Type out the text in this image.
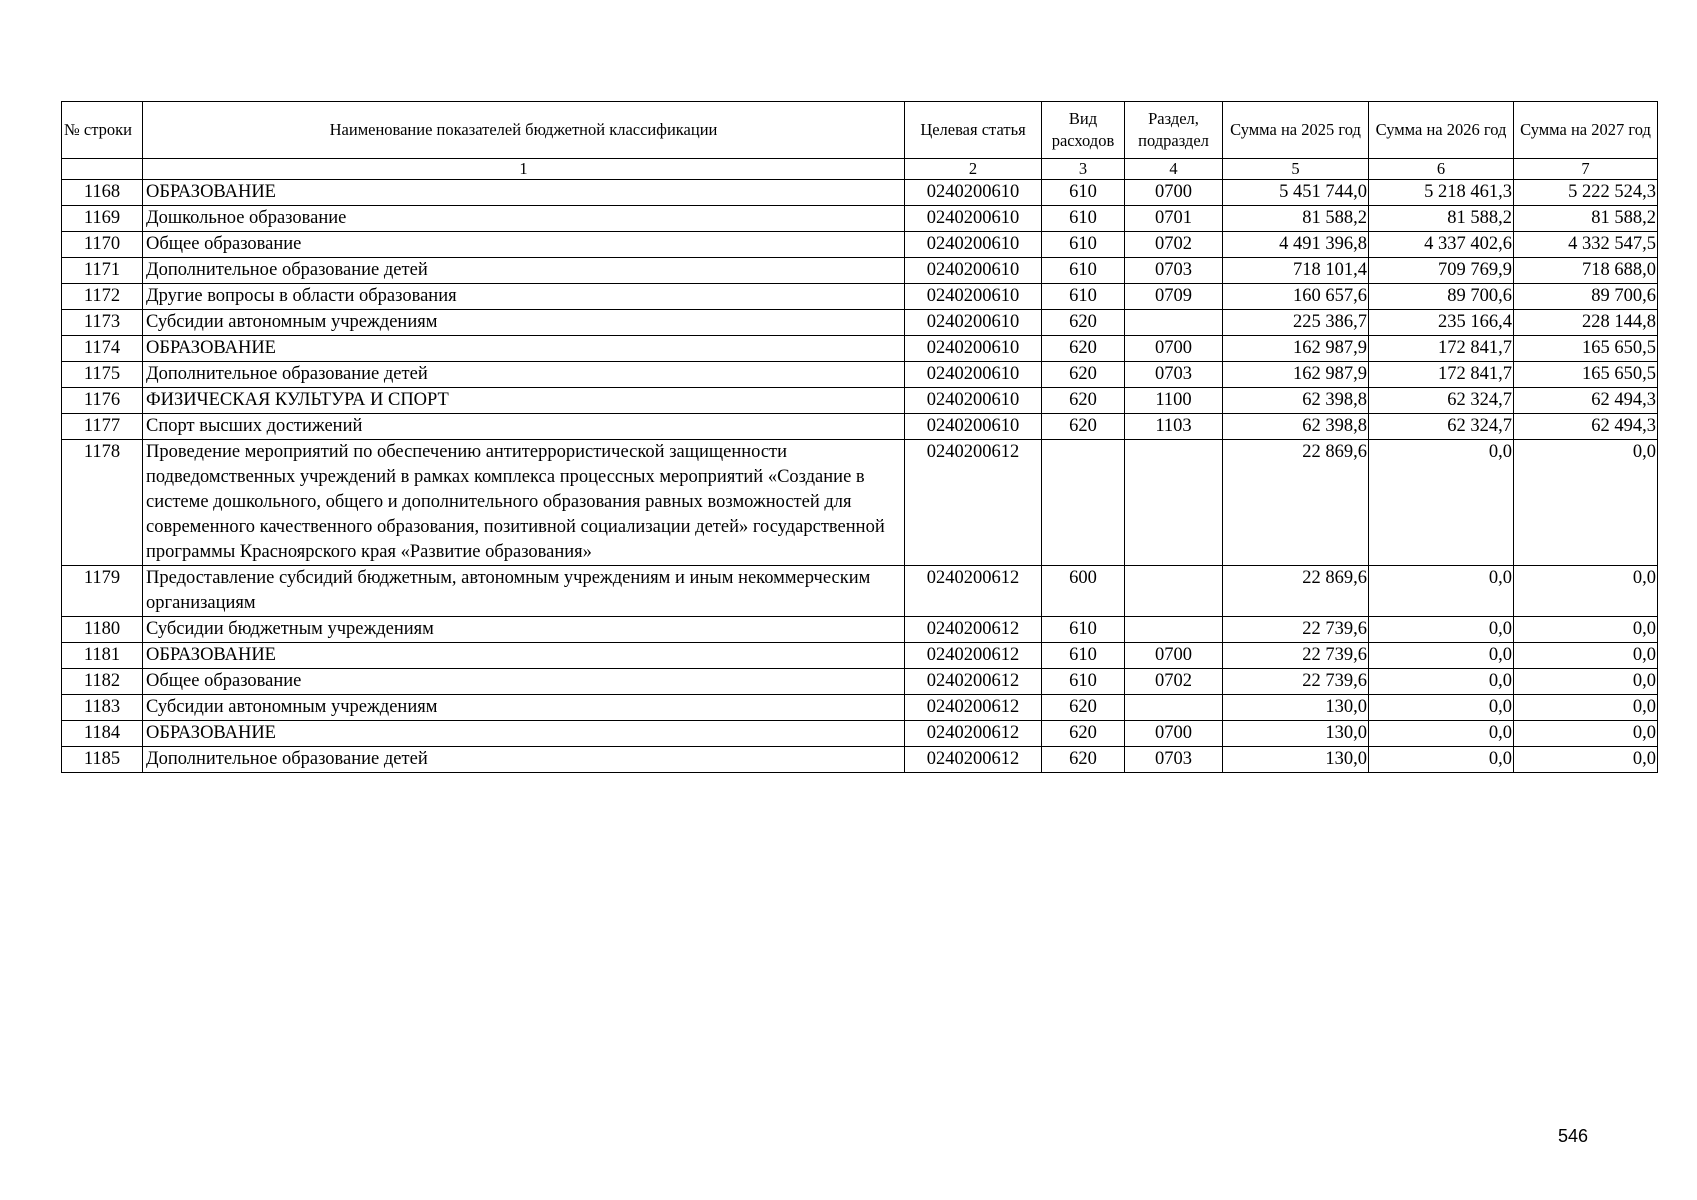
№ строки	Наименование показателей бюджетной классификации	Целевая статья	Вид расходов	Раздел, подраздел	Сумма на 2025 год	Сумма на 2026 год	Сумма на 2027 год
	1	2	3	4	5	6	7
1168	ОБРАЗОВАНИЕ	0240200610	610	0700	5 451 744,0	5 218 461,3	5 222 524,3
1169	Дошкольное образование	0240200610	610	0701	81 588,2	81 588,2	81 588,2
1170	Общее образование	0240200610	610	0702	4 491 396,8	4 337 402,6	4 332 547,5
1171	Дополнительное образование детей	0240200610	610	0703	718 101,4	709 769,9	718 688,0
1172	Другие вопросы в области образования	0240200610	610	0709	160 657,6	89 700,6	89 700,6
1173	Субсидии автономным учреждениям	0240200610	620		225 386,7	235 166,4	228 144,8
1174	ОБРАЗОВАНИЕ	0240200610	620	0700	162 987,9	172 841,7	165 650,5
1175	Дополнительное образование детей	0240200610	620	0703	162 987,9	172 841,7	165 650,5
1176	ФИЗИЧЕСКАЯ КУЛЬТУРА И СПОРТ	0240200610	620	1100	62 398,8	62 324,7	62 494,3
1177	Спорт высших достижений	0240200610	620	1103	62 398,8	62 324,7	62 494,3
1178	Проведение мероприятий по обеспечению антитеррористической защищенности подведомственных учреждений в рамках комплекса процессных мероприятий «Создание в системе дошкольного, общего и дополнительного образования равных возможностей для современного качественного образования, позитивной социализации детей» государственной программы Красноярского края «Развитие образования»	0240200612			22 869,6	0,0	0,0
1179	Предоставление субсидий бюджетным, автономным учреждениям и иным некоммерческим организациям	0240200612	600		22 869,6	0,0	0,0
1180	Субсидии бюджетным учреждениям	0240200612	610		22 739,6	0,0	0,0
1181	ОБРАЗОВАНИЕ	0240200612	610	0700	22 739,6	0,0	0,0
1182	Общее образование	0240200612	610	0702	22 739,6	0,0	0,0
1183	Субсидии автономным учреждениям	0240200612	620		130,0	0,0	0,0
1184	ОБРАЗОВАНИЕ	0240200612	620	0700	130,0	0,0	0,0
1185	Дополнительное образование детей	0240200612	620	0703	130,0	0,0	0,0
546
